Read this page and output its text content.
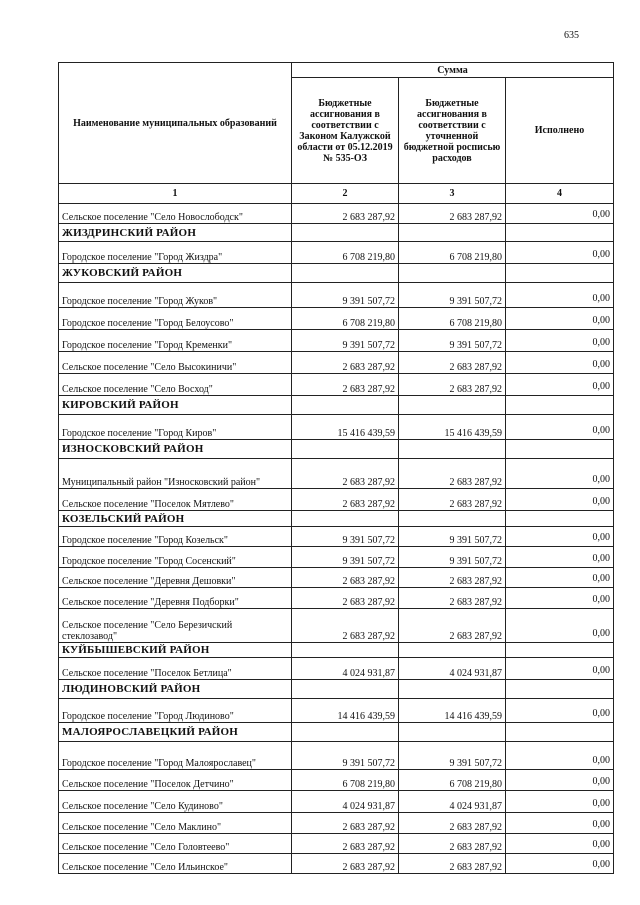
635
Наименование муниципальных образований	Сумма		
	Бюджетные ассигнования в соответствии с Законом Калужской области от 05.12.2019 № 535-ОЗ	Бюджетные ассигнования в соответствии с уточненной бюджетной росписью расходов	Исполнено
1	2	3	4
Сельское поселение "Село Новослободск"	2 683 287,92	2 683 287,92	0,00
ЖИЗДРИНСКИЙ РАЙОН			
Городское поселение "Город Жиздра"	6 708 219,80	6 708 219,80	0,00
ЖУКОВСКИЙ РАЙОН			
Городское поселение "Город Жуков"	9 391 507,72	9 391 507,72	0,00
Городское поселение "Город Белоусово"	6 708 219,80	6 708 219,80	0,00
Городское поселение "Город Кременки"	9 391 507,72	9 391 507,72	0,00
Сельское поселение "Село Высокиничи"	2 683 287,92	2 683 287,92	0,00
Сельское поселение "Село Восход"	2 683 287,92	2 683 287,92	0,00
КИРОВСКИЙ РАЙОН			
Городское поселение "Город Киров"	15 416 439,59	15 416 439,59	0,00
ИЗНОСКОВСКИЙ РАЙОН			
Муниципальный район "Износковский район"	2 683 287,92	2 683 287,92	0,00
Сельское поселение "Поселок Мятлево"	2 683 287,92	2 683 287,92	0,00
КОЗЕЛЬСКИЙ РАЙОН			
Городское поселение "Город Козельск"	9 391 507,72	9 391 507,72	0,00
Городское поселение "Город Сосенский"	9 391 507,72	9 391 507,72	0,00
Сельское поселение "Деревня Дешовки"	2 683 287,92	2 683 287,92	0,00
Сельское поселение "Деревня Подборки"	2 683 287,92	2 683 287,92	0,00
Сельское поселение "Село Березичский стеклозавод"	2 683 287,92	2 683 287,92	0,00
КУЙБЫШЕВСКИЙ РАЙОН			
Сельское поселение "Поселок Бетлица"	4 024 931,87	4 024 931,87	0,00
ЛЮДИНОВСКИЙ РАЙОН			
Городское поселение "Город Людиново"	14 416 439,59	14 416 439,59	0,00
МАЛОЯРОСЛАВЕЦКИЙ РАЙОН			
Городское поселение "Город Малоярославец"	9 391 507,72	9 391 507,72	0,00
Сельское поселение "Поселок Детчино"	6 708 219,80	6 708 219,80	0,00
Сельское поселение "Село Кудиново"	4 024 931,87	4 024 931,87	0,00
Сельское поселение "Село Маклино"	2 683 287,92	2 683 287,92	0,00
Сельское поселение "Село Головтеево"	2 683 287,92	2 683 287,92	0,00
Сельское поселение "Село Ильинское"	2 683 287,92	2 683 287,92	0,00
